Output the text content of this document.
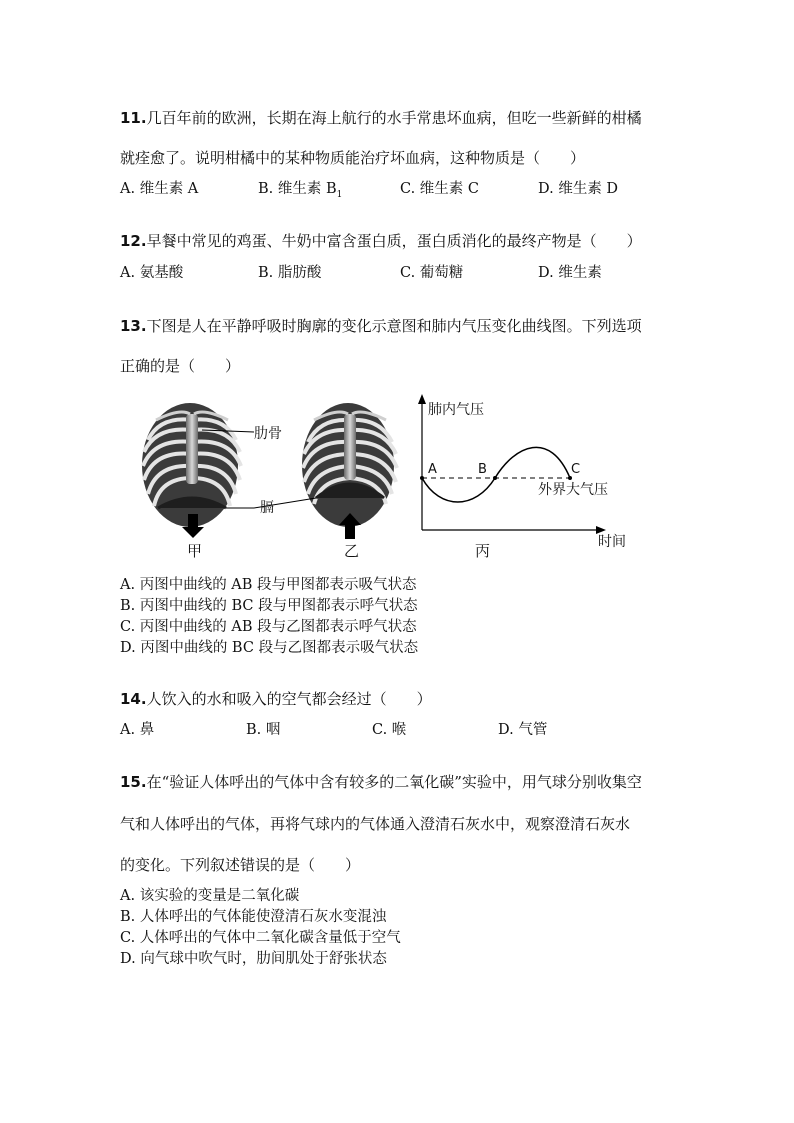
11.几百年前的欧洲，长期在海上航行的水手常患坏血病，但吃一些新鲜的柑橘
就痊愈了。说明柑橘中的某种物质能治疗坏血病，这种物质是（　　）
A. 维生素 A	B. 维生素 $B_1$	C. 维生素 C	D. 维生素 D
12.早餐中常见的鸡蛋、牛奶中富含蛋白质，蛋白质消化的最终产物是（　　）
A. 氨基酸	B. 脂肪酸	C. 葡萄糖	D. 维生素
13.下图是人在平静呼吸时胸廓的变化示意图和肺内气压变化曲线图。下列选项
正确的是（　　）
甲	乙
肋骨
膈
肺内气压
A	B	C
外界大气压
时间
丙
A. 丙图中曲线的 AB 段与甲图都表示吸气状态
B. 丙图中曲线的 BC 段与甲图都表示呼气状态
C. 丙图中曲线的 AB 段与乙图都表示呼气状态
D. 丙图中曲线的 BC 段与乙图都表示吸气状态
14.人饮入的水和吸入的空气都会经过（　　）
A. 鼻	B. 咽	C. 喉	D. 气管
15.在“验证人体呼出的气体中含有较多的二氧化碳”实验中，用气球分别收集空
气和人体呼出的气体，再将气球内的气体通入澄清石灰水中，观察澄清石灰水
的变化。下列叙述错误的是（　　）
A. 该实验的变量是二氧化碳
B. 人体呼出的气体能使澄清石灰水变混浊
C. 人体呼出的气体中二氧化碳含量低于空气
D. 向气球中吹气时，肋间肌处于舒张状态
